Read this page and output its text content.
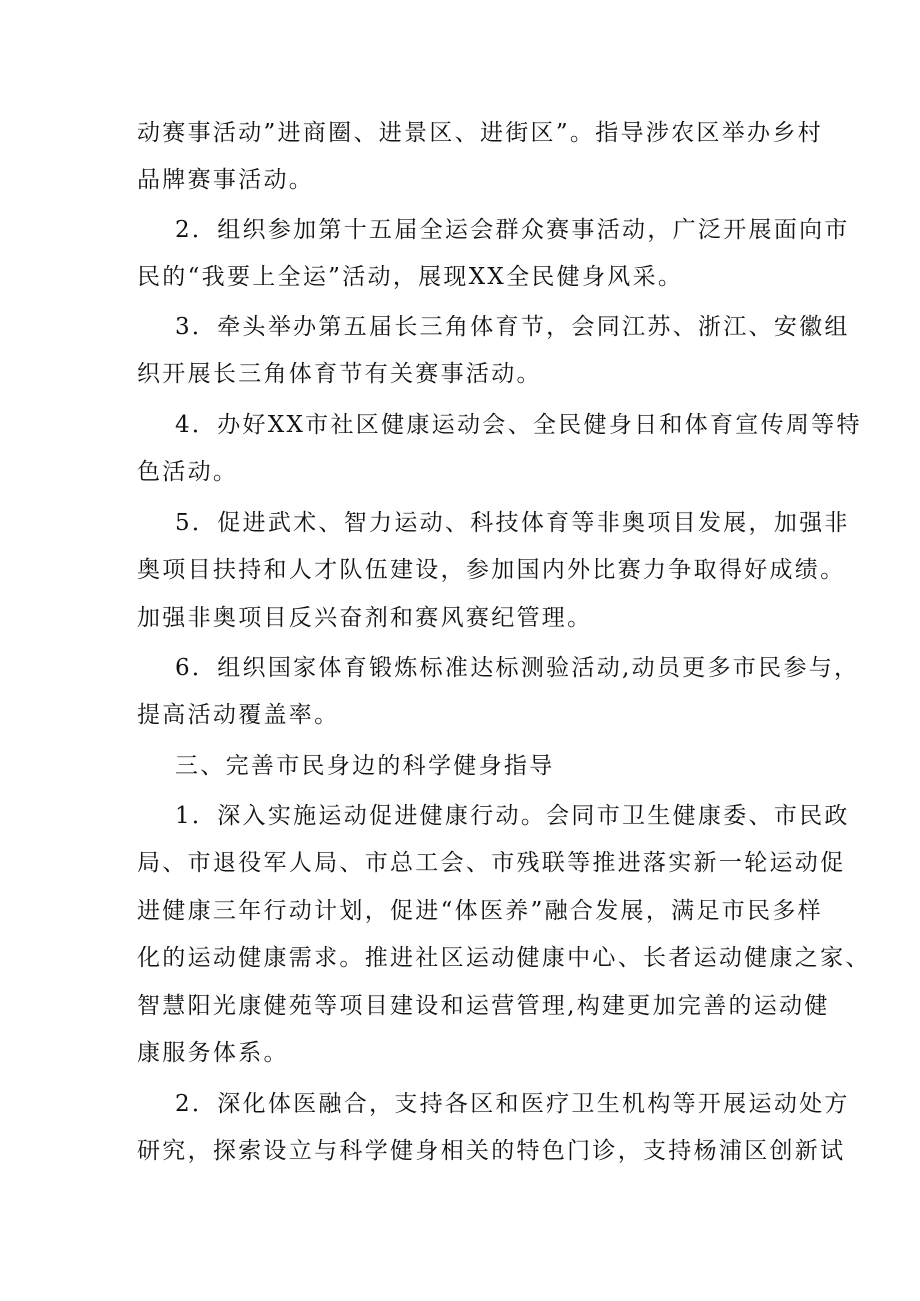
动赛事活动”进商圈、进景区、进街区”。指导涉农区举办乡村
品牌赛事活动。
2．组织参加第十五届全运会群众赛事活动，广泛开展面向市
民的“我要上全运”活动，展现XX全民健身风采。
3．牵头举办第五届长三角体育节，会同江苏、浙江、安徽组
织开展长三角体育节有关赛事活动。
4．办好XX市社区健康运动会、全民健身日和体育宣传周等特
色活动。
5．促进武术、智力运动、科技体育等非奥项目发展，加强非
奥项目扶持和人才队伍建设，参加国内外比赛力争取得好成绩。
加强非奥项目反兴奋剂和赛风赛纪管理。
6．组织国家体育锻炼标准达标测验活动,动员更多市民参与，
提高活动覆盖率。
三、完善市民身边的科学健身指导
1．深入实施运动促进健康行动。会同市卫生健康委、市民政
局、市退役军人局、市总工会、市残联等推进落实新一轮运动促
进健康三年行动计划，促进“体医养”融合发展，满足市民多样
化的运动健康需求。推进社区运动健康中心、长者运动健康之家、
智慧阳光康健苑等项目建设和运营管理,构建更加完善的运动健
康服务体系。
2．深化体医融合，支持各区和医疗卫生机构等开展运动处方
研究，探索设立与科学健身相关的特色门诊，支持杨浦区创新试
